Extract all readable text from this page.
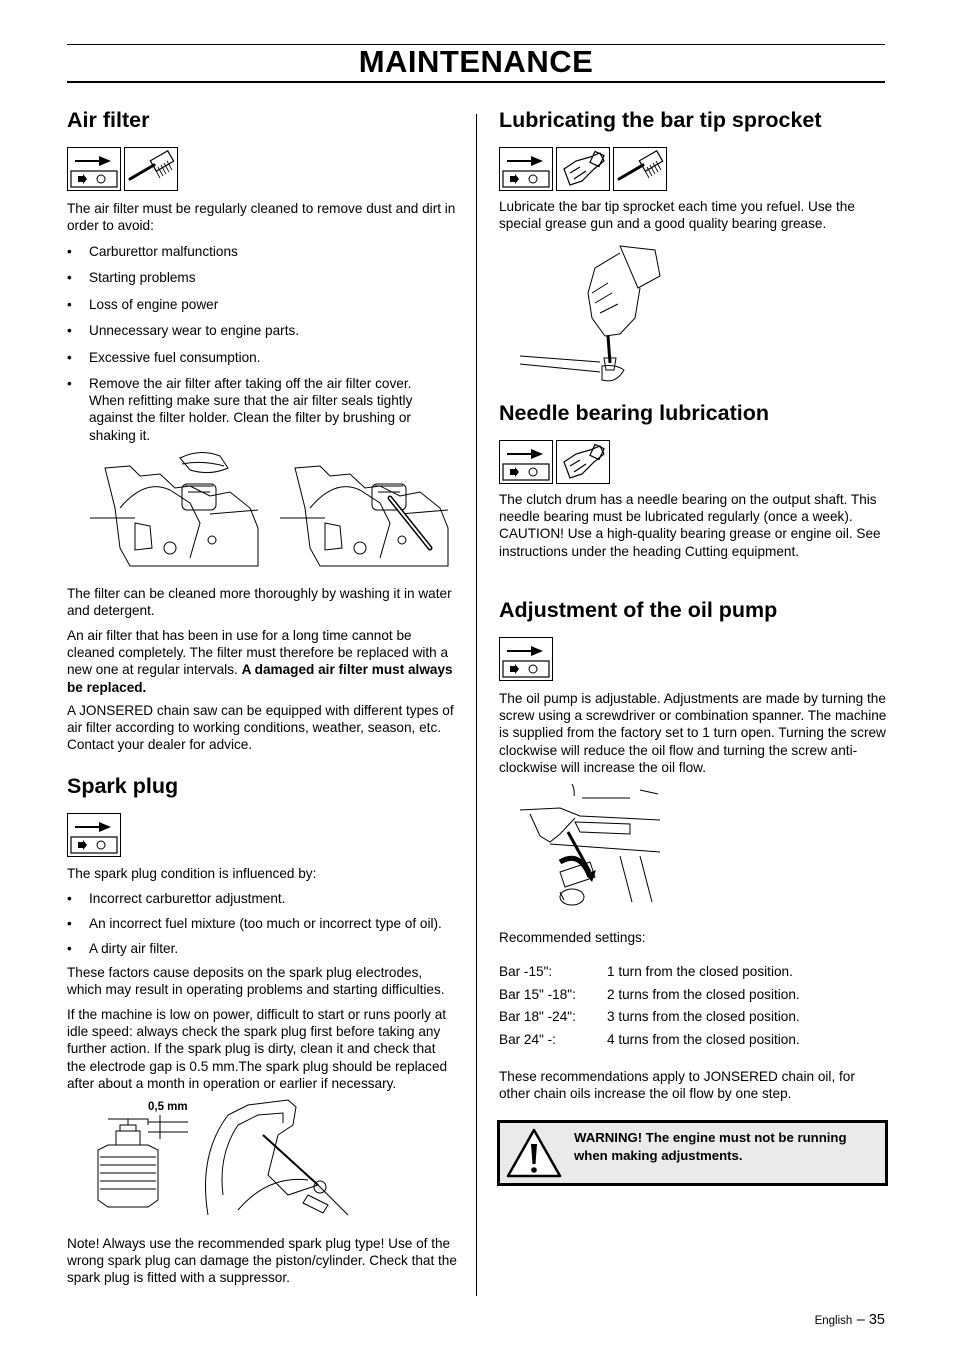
MAINTENANCE
Air filter

The air filter must be regularly cleaned to remove dust and dirt in order to avoid:

• Carburettor malfunctions
• Starting problems
• Loss of engine power
• Unnecessary wear to engine parts.
• Excessive fuel consumption.
• Remove the air filter after taking off the air filter cover. When refitting make sure that the air filter seals tightly against the filter holder. Clean the filter by brushing or shaking it.

The filter can be cleaned more thoroughly by washing it in water and detergent.

An air filter that has been in use for a long time cannot be cleaned completely. The filter must therefore be replaced with a new one at regular intervals. A damaged air filter must always be replaced.

A JONSERED chain saw can be equipped with different types of air filter according to working conditions, weather, season, etc. Contact your dealer for advice.

Spark plug

The spark plug condition is influenced by:

• Incorrect carburettor adjustment.
• An incorrect fuel mixture (too much or incorrect type of oil).
• A dirty air filter.

These factors cause deposits on the spark plug electrodes, which may result in operating problems and starting difficulties.

If the machine is low on power, difficult to start or runs poorly at idle speed: always check the spark plug first before taking any further action. If the spark plug is dirty, clean it and check that the electrode gap is 0.5 mm.The spark plug should be replaced after about a month in operation or earlier if necessary.

0,5 mm

Note! Always use the recommended spark plug type! Use of the wrong spark plug can damage the piston/cylinder. Check that the spark plug is fitted with a suppressor.

Lubricating the bar tip sprocket

Lubricate the bar tip sprocket each time you refuel. Use the special grease gun and a good quality bearing grease.

Needle bearing lubrication

The clutch drum has a needle bearing on the output shaft. This needle bearing must be lubricated regularly (once a week). CAUTION! Use a high-quality bearing grease or engine oil. See instructions under the heading Cutting equipment.

Adjustment of the oil pump

The oil pump is adjustable. Adjustments are made by turning the screw using a screwdriver or combination spanner. The machine is supplied from the factory set to 1 turn open. Turning the screw clockwise will reduce the oil flow and turning the screw anti-clockwise will increase the oil flow.

Recommended settings:

Bar -15":	1 turn from the closed position.
Bar 15" -18": 2 turns from the closed position.
Bar 18" -24": 3 turns from the closed position.
Bar 24" -:	4 turns from the closed position.

These recommendations apply to JONSERED chain oil, for other chain oils increase the oil flow by one step.

WARNING! The engine must not be running when making adjustments.
English – 35
